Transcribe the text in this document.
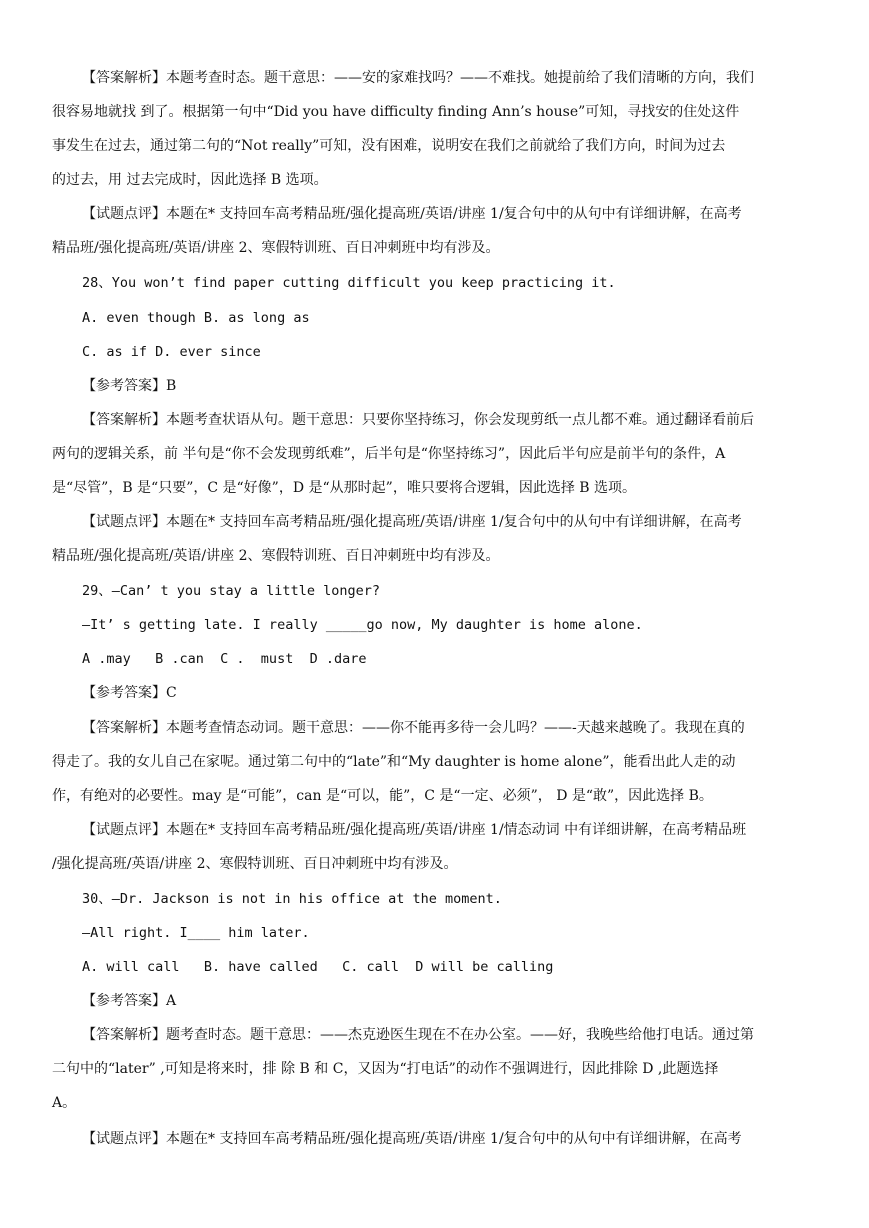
【答案解析】本题考查时态。题干意思：——安的家难找吗？——不难找。她提前给了我们清晰的方向，我们
很容易地就找 到了。根据第一句中“Did you have difficulty finding Ann’s house”可知，寻找安的住处这件
事发生在过去，通过第二句的“Not really”可知，没有困难，说明安在我们之前就给了我们方向，时间为过去
的过去，用 过去完成时，因此选择 B 选项。
【试题点评】本题在* 支持回车高考精品班/强化提高班/英语/讲座 1/复合句中的从句中有详细讲解，在高考
精品班/强化提高班/英语/讲座 2、寒假特训班、百日冲刺班中均有涉及。
28、You won’t find paper cutting difficult you keep practicing it.
A. even though B. as long as
C. as if D. ever since
【参考答案】B
【答案解析】本题考查状语从句。题干意思：只要你坚持练习，你会发现剪纸一点儿都不难。通过翻译看前后
两句的逻辑关系，前 半句是“你不会发现剪纸难”，后半句是“你坚持练习”，因此后半句应是前半句的条件，A
是“尽管”，B 是“只要”，C 是“好像”，D 是“从那时起”，唯只要将合逻辑，因此选择 B 选项。
【试题点评】本题在* 支持回车高考精品班/强化提高班/英语/讲座 1/复合句中的从句中有详细讲解，在高考
精品班/强化提高班/英语/讲座 2、寒假特训班、百日冲刺班中均有涉及。
29、—Can’ t you stay a little longer?
—It’ s getting late. I really _____go now, My daughter is home alone.
A .may   B .can  C .  must  D .dare
【参考答案】C
【答案解析】本题考查情态动词。题干意思：——你不能再多待一会儿吗？——-天越来越晚了。我现在真的
得走了。我的女儿自己在家呢。通过第二句中的“late”和“My daughter is home alone”，能看出此人走的动
作，有绝对的必要性。may 是“可能”，can 是“可以，能”，C 是“一定、必须”， D 是“敢”，因此选择 B。
【试题点评】本题在* 支持回车高考精品班/强化提高班/英语/讲座 1/情态动词 中有详细讲解，在高考精品班
/强化提高班/英语/讲座 2、寒假特训班、百日冲刺班中均有涉及。
30、—Dr. Jackson is not in his office at the moment.
—All right. I____ him later.
A. will call   B. have called   C. call  D will be calling
【参考答案】A
【答案解析】题考查时态。题干意思：——杰克逊医生现在不在办公室。——好，我晚些给他打电话。通过第
二句中的“later” ,可知是将来时，排 除 B 和 C，又因为“打电话”的动作不强调进行，因此排除 D ,此题选择
A。
【试题点评】本题在* 支持回车高考精品班/强化提高班/英语/讲座 1/复合句中的从句中有详细讲解，在高考
